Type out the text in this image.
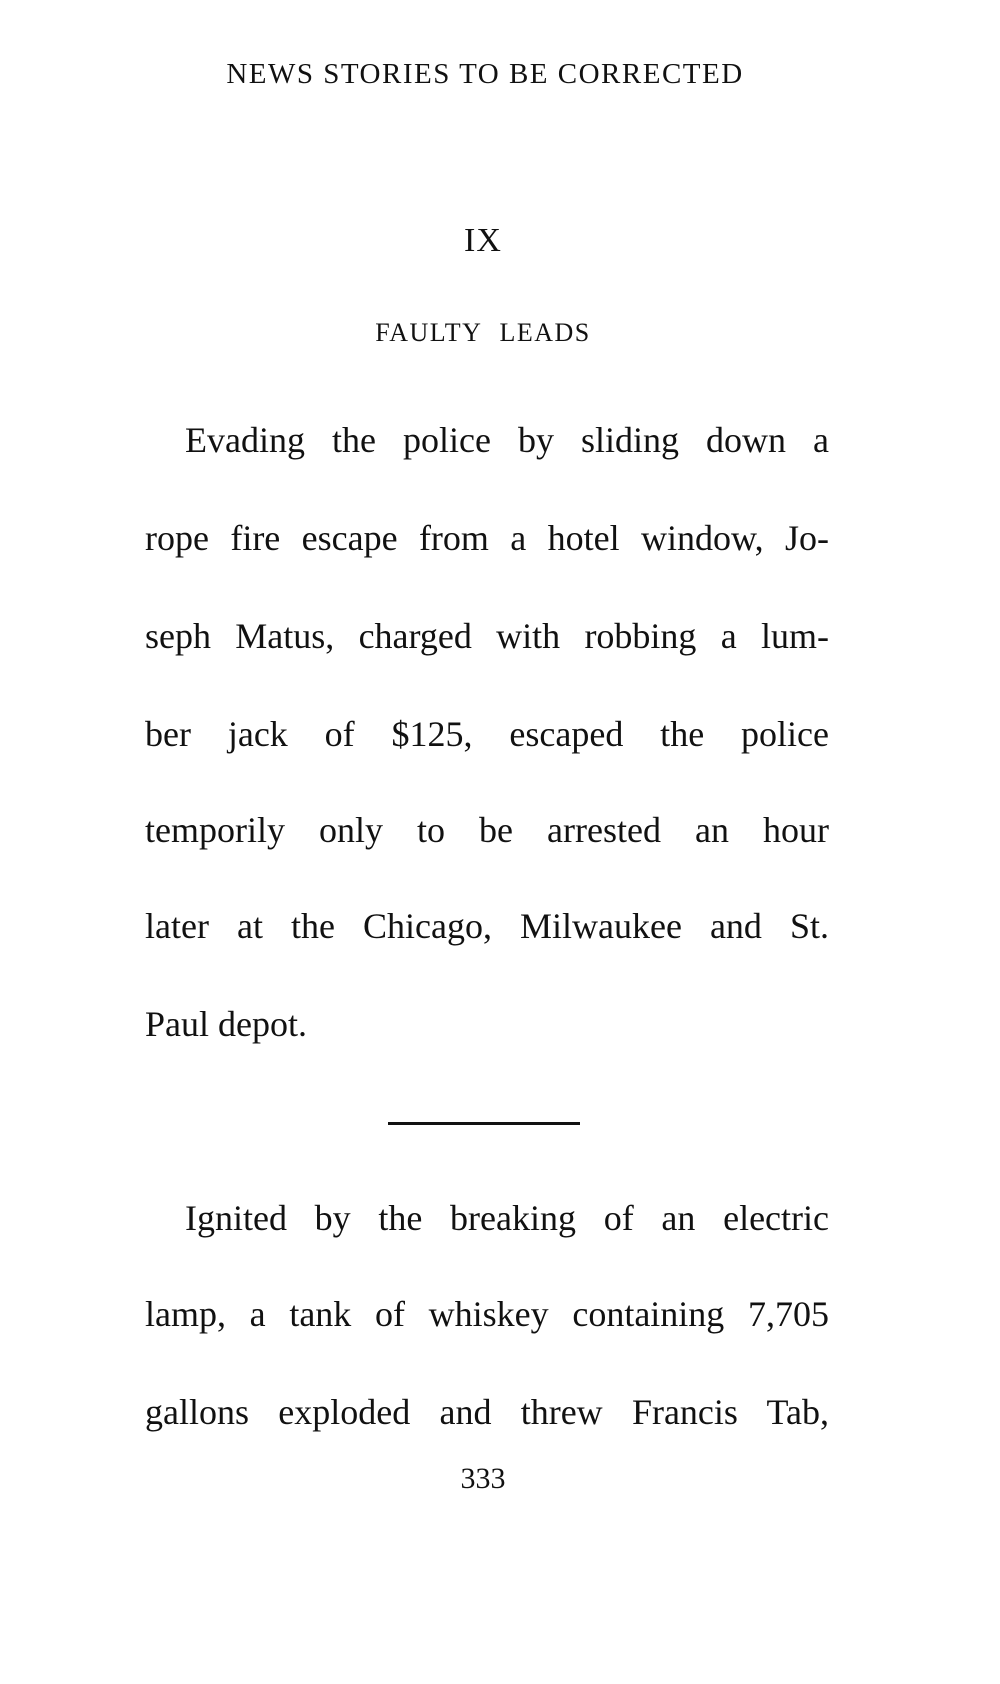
NEWS STORIES TO BE CORRECTED
IX
FAULTY LEADS
Evading the police by sliding down a
rope fire escape from a hotel window, Jo-
seph Matus, charged with robbing a lum-
ber jack of $125, escaped the police
temporily only to be arrested an hour
later at the Chicago, Milwaukee and St.
Paul depot.
Ignited by the breaking of an electric
lamp, a tank of whiskey containing 7,705
gallons exploded and threw Francis Tab,
333
